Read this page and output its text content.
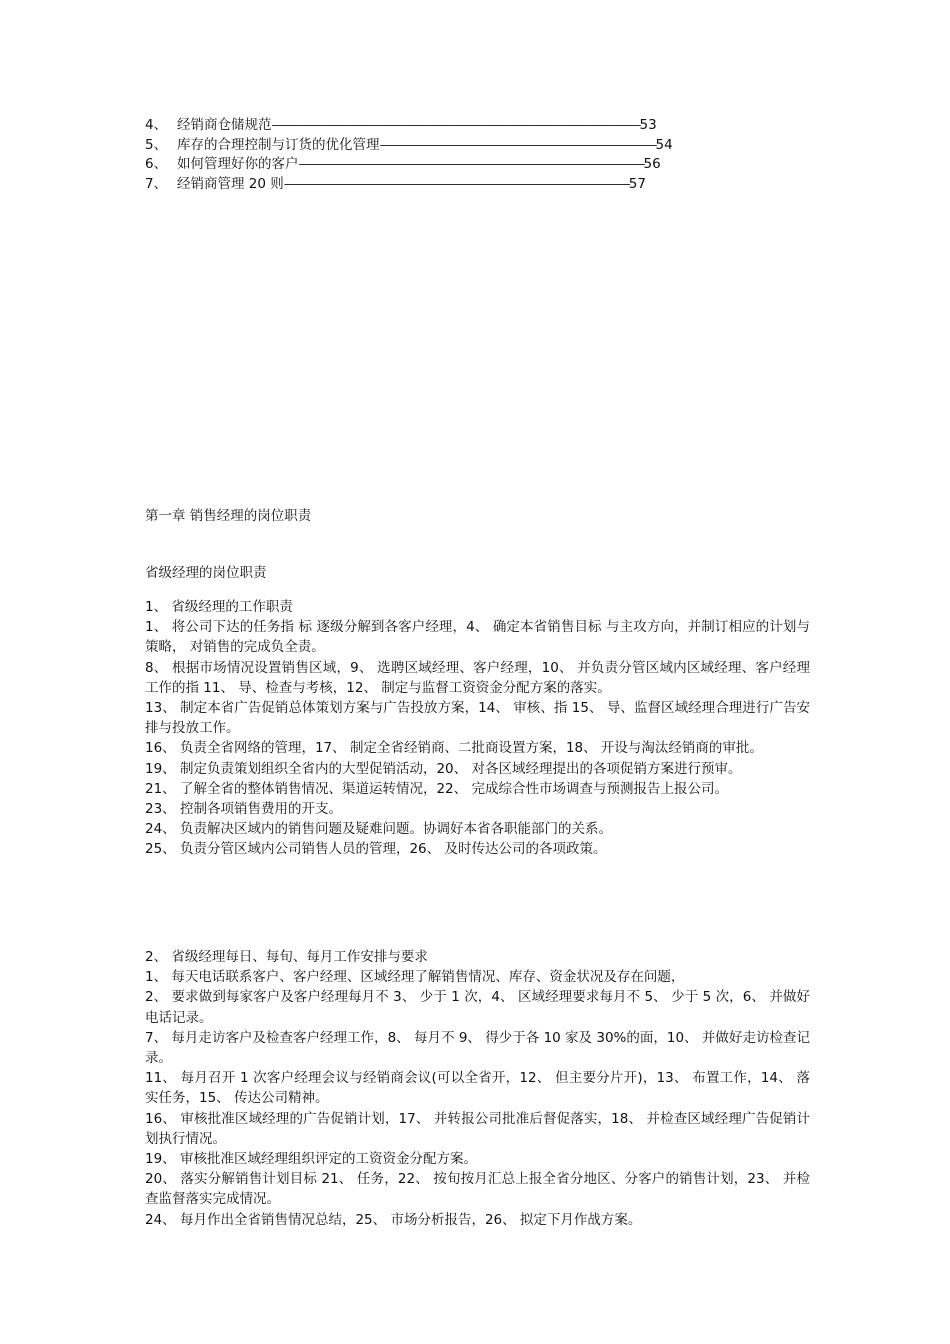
4、 经销商仓储规范————————————————————————————————53
5、 库存的合理控制与订货的优化管理————————————————————————54
6、 如何管理好你的客户——————————————————————————————56
7、 经销商管理 20 则——————————————————————————————57
第一章 销售经理的岗位职责
省级经理的岗位职责

1、 省级经理的工作职责

1、 将公司下达的任务指 标 逐级分解到各客户经理，4、 确定本省销售目标 与主攻方向，并制订相应的计划与策略， 对销售的完成负全责。

8、 根据市场情况设置销售区域，9、 选聘区域经理、客户经理，10、 并负责分管区域内区域经理、客户经理工作的指 11、 导、检查与考核，12、 制定与监督工资资金分配方案的落实。

13、 制定本省广告促销总体策划方案与广告投放方案，14、 审核、指 15、 导、监督区域经理合理进行广告安排与投放工作。

16、 负责全省网络的管理，17、 制定全省经销商、二批商设置方案，18、 开设与淘汰经销商的审批。

19、 制定负责策划组织全省内的大型促销活动，20、 对各区域经理提出的各项促销方案进行预审。

21、 了解全省的整体销售情况、渠道运转情况，22、 完成综合性市场调查与预测报告上报公司。

23、 控制各项销售费用的开支。

24、 负责解决区域内的销售问题及疑难问题。协调好本省各职能部门的关系。

25、 负责分管区域内公司销售人员的管理，26、 及时传达公司的各项政策。

2、 省级经理每日、每旬、每月工作安排与要求

1、 每天电话联系客户、客户经理、区域经理了解销售情况、库存、资金状况及存在问题，

2、 要求做到每家客户及客户经理每月不 3、 少于 1 次，4、 区域经理要求每月不 5、 少于 5 次，6、 并做好电话记录。

7、 每月走访客户及检查客户经理工作，8、 每月不 9、 得少于各 10 家及 30%的面，10、 并做好走访检查记录。

11、 每月召开 1 次客户经理会议与经销商会议(可以全省开，12、 但主要分片开)，13、 布置工作，14、 落实任务，15、 传达公司精神。

16、 审核批准区域经理的广告促销计划，17、 并转报公司批准后督促落实，18、 并检查区域经理广告促销计划执行情况。

19、 审核批准区域经理组织评定的工资资金分配方案。

20、 落实分解销售计划目标 21、 任务，22、 按旬按月汇总上报全省分地区、分客户的销售计划，23、 并检查监督落实完成情况。

24、 每月作出全省销售情况总结，25、 市场分析报告，26、 拟定下月作战方案。
